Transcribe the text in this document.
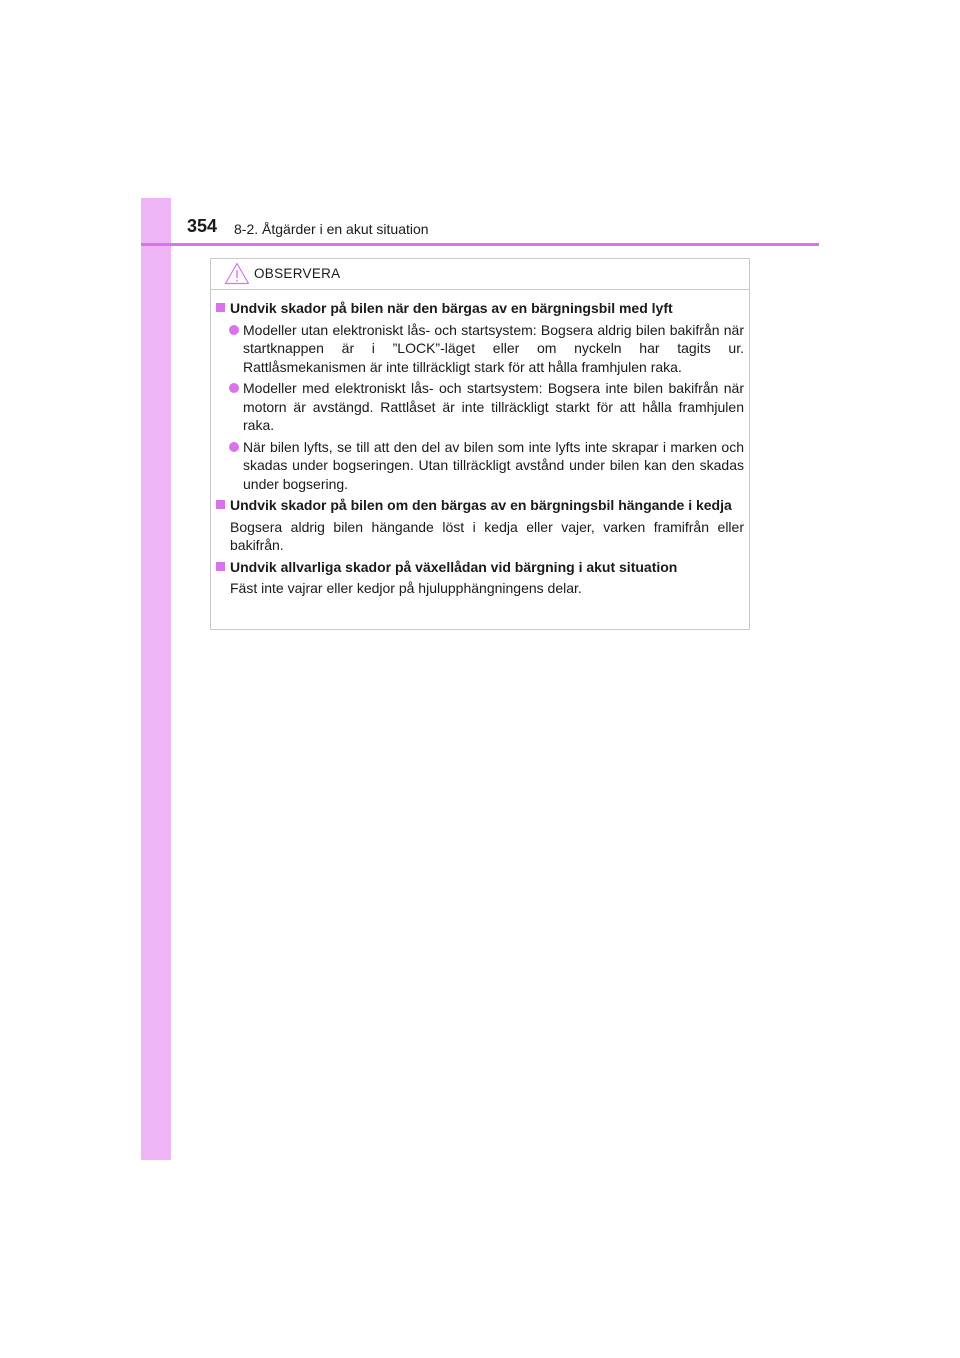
354 8-2. Åtgärder i en akut situation
OBSERVERA
Undvik skador på bilen när den bärgas av en bärgningsbil med lyft
Modeller utan elektroniskt lås- och startsystem: Bogsera aldrig bilen bakifrån när startknappen är i ”LOCK”-läget eller om nyckeln har tagits ur. Rattlåsmekanismen är inte tillräckligt stark för att hålla framhjulen raka.
Modeller med elektroniskt lås- och startsystem: Bogsera inte bilen bakifrån när motorn är avstängd. Rattlåset är inte tillräckligt starkt för att hålla framhjulen raka.
När bilen lyfts, se till att den del av bilen som inte lyfts inte skrapar i marken och skadas under bogseringen. Utan tillräckligt avstånd under bilen kan den skadas under bogsering.
Undvik skador på bilen om den bärgas av en bärgningsbil hängande i kedja
Bogsera aldrig bilen hängande löst i kedja eller vajer, varken framifrån eller bakifrån.
Undvik allvarliga skador på växellådan vid bärgning i akut situation
Fäst inte vajrar eller kedjor på hjulupphängningens delar.
